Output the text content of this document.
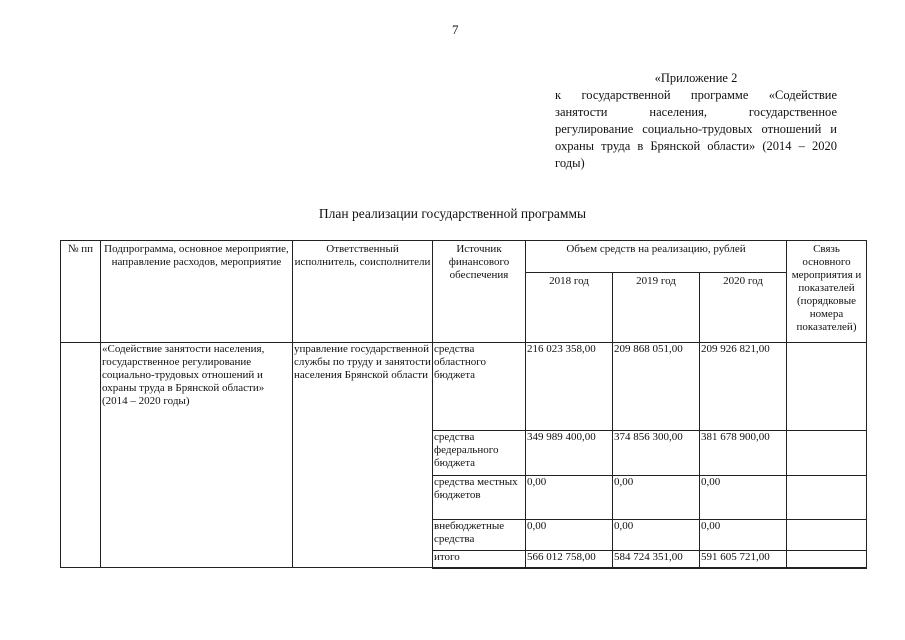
7
«Приложение 2
к государственной программе «Содействие занятости населения, государственное регулирование социально-трудовых отношений и охраны труда в Брянской области» (2014 – 2020 годы)
План реализации государственной программы
№ пп	Подпрограмма, основное мероприятие, направление расходов, мероприятие	Ответственный исполнитель, соисполнители	Источник финансового обеспечения	Объем средств на реализацию, рублей			Связь основного мероприятия и показателей (порядковые номера показателей)
				2018 год	2019 год	2020 год	
	«Содействие занятости населения, государственное регулирование социально-трудовых отношений и охраны труда в Брянской области» (2014 – 2020 годы)	управление государственной службы по труду и занятости населения Брянской области	средства областного бюджета	216 023 358,00	209 868 051,00	209 926 821,00	
			средства федерального бюджета	349 989 400,00	374 856 300,00	381 678 900,00	
			средства местных бюджетов	0,00	0,00	0,00	
			внебюджетные средства	0,00	0,00	0,00	
			итого	566 012 758,00	584 724 351,00	591 605 721,00	
